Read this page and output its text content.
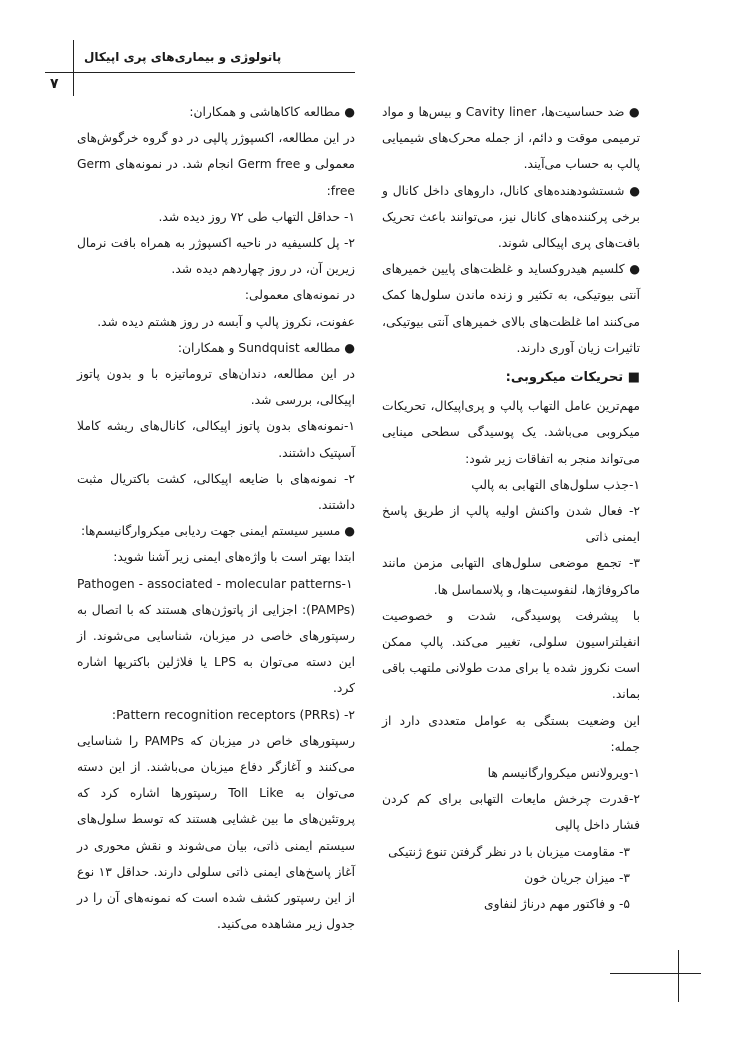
پاتولوژی و بیماری‌های پری اپیکال
۷

● ضد حساسیت‌ها، Cavity liner و بیس‌ها و مواد ترمیمی موقت و دائم، از جمله محرک‌های شیمیایی پالپ به حساب می‌آیند.

● شستشودهنده‌های کانال، داروهای داخل کانال و برخی پرکننده‌های کانال نیز، می‌توانند باعث تحریک بافت‌های پری اپیکالی شوند.

● کلسیم هیدروکساید و غلظت‌های پایین خمیرهای آنتی بیوتیکی، به تکثیر و زنده ماندن سلول‌ها کمک می‌کنند اما غلظت‌های بالای خمیرهای آنتی بیوتیکی، تاثیرات زیان آوری دارند.

■ تحریکات میکروبی:

مهم‌ترین عامل التهاب پالپ و پری‌اپیکال، تحریکات میکروبی می‌باشد. یک پوسیدگی سطحی مینایی می‌تواند منجر به اتفاقات زیر شود:

۱-جذب سلول‌های التهابی به پالپ

۲- فعال شدن واکنش اولیه پالپ از طریق پاسخ ایمنی ذاتی

۳- تجمع موضعی سلول‌های التهابی مزمن مانند ماکروفاژها، لنفوسیت‌ها، و پلاسماسل ها.

با پیشرفت پوسیدگی، شدت و خصوصیت انفیلتراسیون سلولی، تغییر می‌کند. پالپ ممکن است نکروز شده یا برای مدت طولانی ملتهب باقی بماند.

این وضعیت بستگی به عوامل متعددی دارد از جمله:

۱-ویرولانس میکروارگانیسم ها

۲-قدرت چرخش مایعات التهابی برای کم کردن فشار داخل پالپی

۳- مقاومت میزبان با در نظر گرفتن تنوع ژنتیکی

۳- میزان جریان خون

۵- و فاکتور مهم درناژ لنفاوی

● مطالعه کاکاهاشی و همکاران:

در این مطالعه، اکسپوژر پالپی در دو گروه خرگوش‌های معمولی و Germ free انجام شد. در نمونه‌های Germ free:

۱- حداقل التهاب طی ۷۲ روز دیده شد.

۲- پل کلسیفیه در ناحیه اکسپوژر به همراه بافت نرمال زیرین آن، در روز چهاردهم دیده شد.

در نمونه‌های معمولی:

عفونت، نکروز پالپ و آبسه در روز هشتم دیده شد.

● مطالعه Sundquist و همکاران:

در این مطالعه، دندان‌های تروماتیزه با و بدون پاتوز اپیکالی، بررسی شد.

۱-نمونه‌های بدون پاتوز اپیکالی، کانال‌های ریشه کاملا آسپتیک داشتند.

۲- نمونه‌های با ضایعه اپیکالی، کشت باکتریال مثبت داشتند.

● مسیر سیستم ایمنی جهت ردیابی میکروارگانیسم‌ها:

ابتدا بهتر است با واژه‌های ایمنی زیر آشنا شوید:

Pathogen - associated - molecular patterns-۱

(PAMPs): اجزایی از پاتوژن‌های هستند که با اتصال به رسپتورهای خاصی در میزبان، شناسایی می‌شوند. از این دسته می‌توان به LPS یا فلاژلین باکتریها اشاره کرد.

۲- Pattern recognition receptors (PRRs):

رسپتورهای خاص در میزبان که PAMPs را شناسایی می‌کنند و آغازگر دفاع میزبان می‌باشند. از این دسته می‌توان به Toll Like رسپتورها اشاره کرد که پروتئین‌های ما بین غشایی هستند که توسط سلول‌های سیستم ایمنی ذاتی، بیان می‌شوند و نقش محوری در آغاز پاسخ‌های ایمنی ذاتی سلولی دارند. حداقل ۱۳ نوع از این رسپتور کشف شده است که نمونه‌های آن را در جدول زیر مشاهده می‌کنید.
